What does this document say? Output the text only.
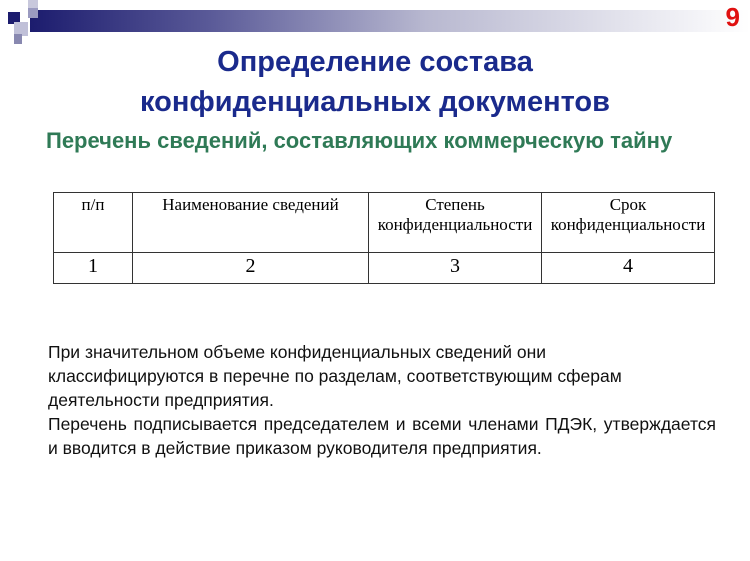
9
Определение состава
конфиденциальных документов
Перечень сведений, составляющих коммерческую тайну
п/п	Наименование сведений	Степень конфиденциальности	Срок конфиденциальности
1	2	3	4
При значительном объеме конфиденциальных сведений они классифицируются в перечне по разделам, соответствующим сферам деятельности предприятия.
Перечень подписывается председателем и всеми членами ПДЭК, утверждается и вводится в действие приказом руководителя предприятия.
